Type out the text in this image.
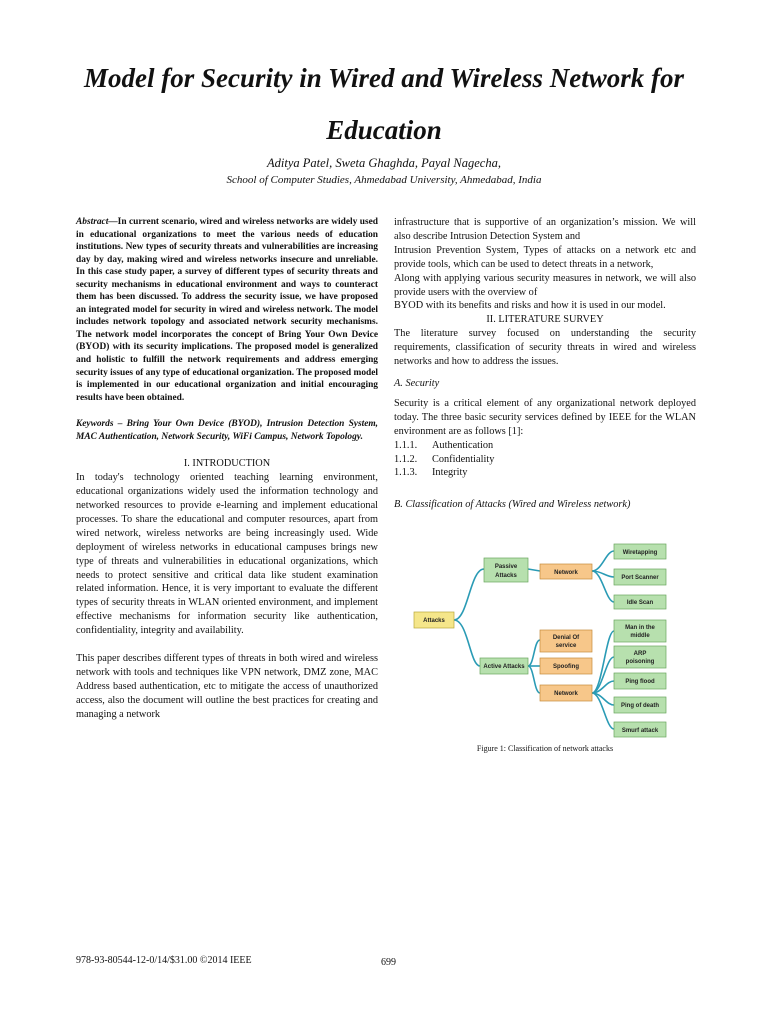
Model for Security in Wired and Wireless Network for
Education

Aditya Patel, Sweta Ghaghda, Payal Nagecha,

School of Computer Studies, Ahmedabad University, Ahmedabad, India

Abstract—In current scenario, wired and wireless networks are widely used in educational organizations to meet the various needs of education institutions. New types of security threats and vulnerabilities are increasing day by day, making wired and wireless networks insecure and unreliable. In this case study paper, a survey of different types of security threats and security mechanisms in educational environment and ways to counteract them has been discussed. To address the security issue, we have proposed an integrated model for security in wired and wireless network. The model includes network topology and associated network security mechanisms. The network model incorporates the concept of Bring Your Own Device (BYOD) with its security implications. The proposed model is generalized and holistic to fulfill the network requirements and address emerging security issues of any type of educational organization. The proposed model is implemented in our educational organization and initial encouraging results have been obtained.

Keywords – Bring Your Own Device (BYOD), Intrusion Detection System, MAC Authentication, Network Security, WiFi Campus, Network Topology.

I. INTRODUCTION

In today's technology oriented teaching learning environment, educational organizations widely used the information technology and networked resources to provide e-learning and implement educational processes. To share the educational and computer resources, apart from wired network, wireless networks are being increasingly used. Wide deployment of wireless networks in educational campuses brings new type of threats and vulnerabilities in educational organizations, which needs to protect sensitive and critical data like student examination related information. Hence, it is very important to evaluate the different types of security threats in WLAN oriented environment, and implement effective mechanisms for information security like authentication, confidentiality, integrity and availability.

This paper describes different types of threats in both wired and wireless network with tools and techniques like VPN network, DMZ zone, MAC Address based authentication, etc to mitigate the access of unauthorized access, also the document will outline the best practices for creating and managing a network

infrastructure that is supportive of an organization’s mission. We will also describe Intrusion Detection System and

Intrusion Prevention System, Types of attacks on a network etc and provide tools, which can be used to detect threats in a network,

Along with applying various security measures in network, we will also provide users with the overview of

BYOD with its benefits and risks and how it is used in our model.

II. LITERATURE SURVEY

The literature survey focused on understanding the security requirements, classification of security threats in wired and wireless networks and how to address the issues.

A. Security

Security is a critical element of any organizational network deployed today. The three basic security services defined by IEEE for the WLAN environment are as follows [1]:

1.1.1.	Authentication
1.1.2.	Confidentiality
1.1.3.	Integrity

B. Classification of Attacks (Wired and Wireless network)

Attacks
Passive
Attacks
Active Attacks
Network
Denial Of
service
Spoofing
Network
Wiretapping
Port Scanner
Idle Scan
Man in the
middle
ARP
poisoning
Ping flood
Ping of death
Smurf attack
Figure 1: Classification of network attacks
978-93-80544-12-0/14/$31.00 ©2014 IEEE	699
